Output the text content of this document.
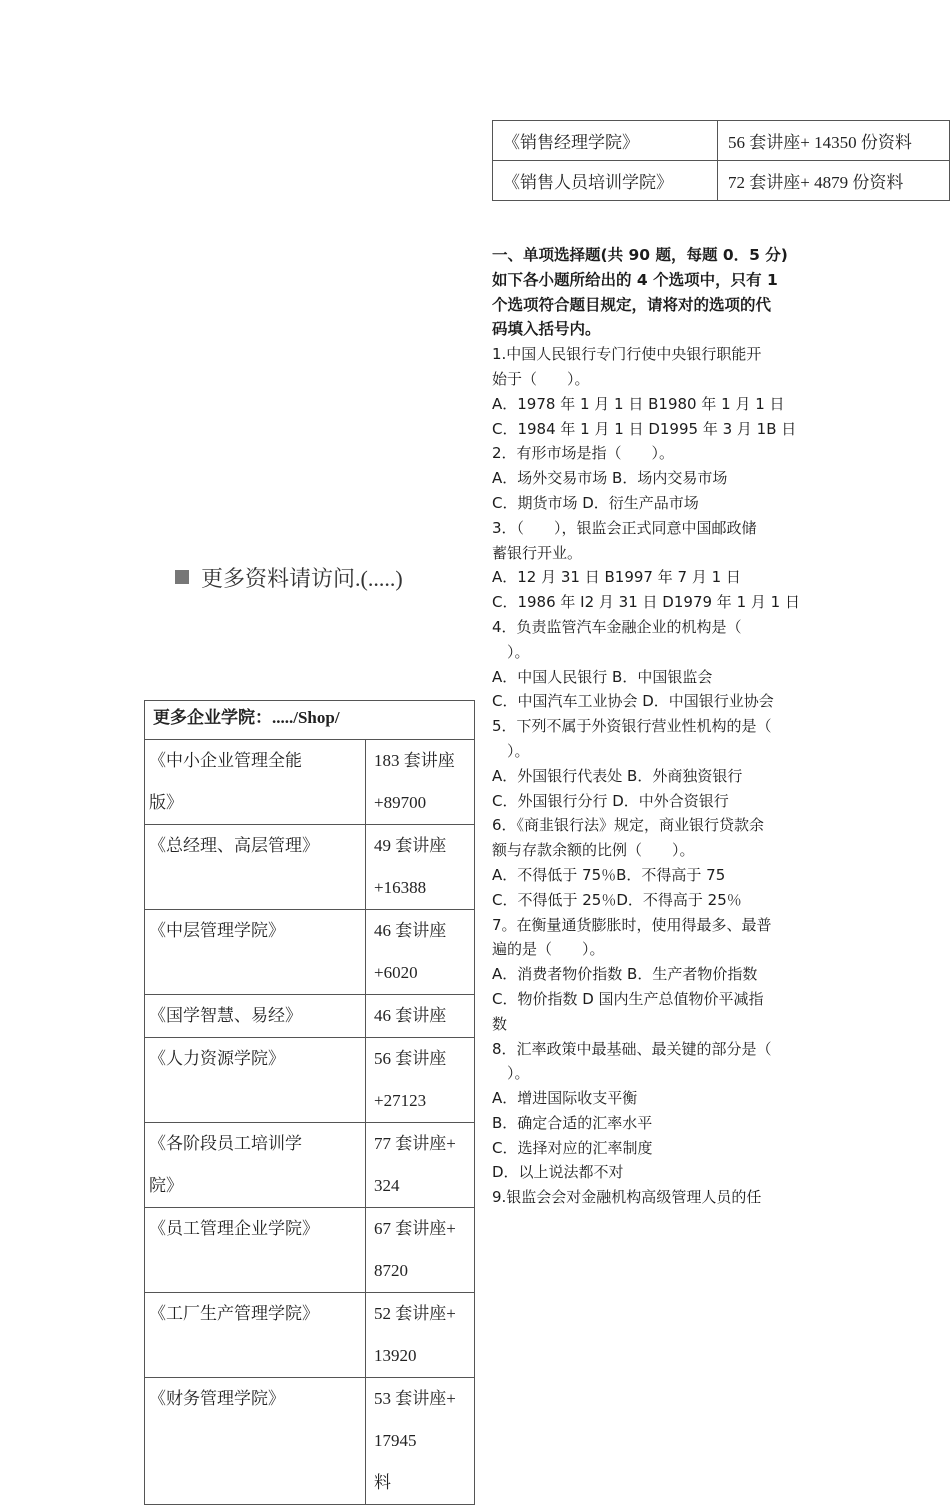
《销售经理学院》	56 套讲座+ 14350 份资料
《销售人员培训学院》	72 套讲座+ 4879 份资料
一、单项选择题(共 90 题，每题 0．5 分)
如下各小题所给出的 4 个选项中，只有 1
个选项符合题目规定，请将对的选项的代
码填入括号内。
1.中国人民银行专门行使中央银行职能开
始于（　　）。
A．1978 年 1 月 1 日 B1980 年 1 月 1 日
C．1984 年 1 月 1 日 D1995 年 3 月 1B 日
2．有形市场是指（　　）。
A．场外交易市场 B．场内交易市场
C．期货市场 D．衍生产品市场
3．（　　），银监会正式同意中国邮政储
蓄银行开业。
A．12 月 31 日 B1997 年 7 月 1 日
C．1986 年 I2 月 31 日 D1979 年 1 月 1 日
4．负责监管汽车金融企业的机构是（
　）。
A．中国人民银行 B．中国银监会
C．中国汽车工业协会 D．中国银行业协会
5．下列不属于外资银行营业性机构的是（
　）。
A．外国银行代表处 B．外商独资银行
C．外国银行分行 D．中外合资银行
6．《商韭银行法》规定，商业银行贷款余
额与存款余额的比例（　　）。
A．不得低于 75％B．不得高于 75
C．不得低于 25％D．不得高于 25％
7。在衡量通货膨胀时，使用得最多、最普
遍的是（　　）。
A．消费者物价指数 B．生产者物价指数
C．物价指数 D 国内生产总值物价平减指
数
8．汇率政策中最基础、最关键的部分是（
　）。
A．增进国际收支平衡
B．确定合适的汇率水平
C．选择对应的汇率制度
D．以上说法都不对
9.银监会会对金融机构高级管理人员的任
更多资料请访问.(.....)
更多企业学院：...../Shop/	

《中小企业管理全能
版》	183 套讲座+89700

《总经理、高层管理》	49 套讲座+16388

《中层管理学院》	46 套讲座+6020

《国学智慧、易经》	46 套讲座

《人力资源学院》	56 套讲座+27123

《各阶段员工培训学
院》	77 套讲座+ 324

《员工管理企业学院》	67 套讲座+ 8720

《工厂生产管理学院》	52 套讲座+ 13920

《财务管理学院》	53 套讲座+ 17945
料
